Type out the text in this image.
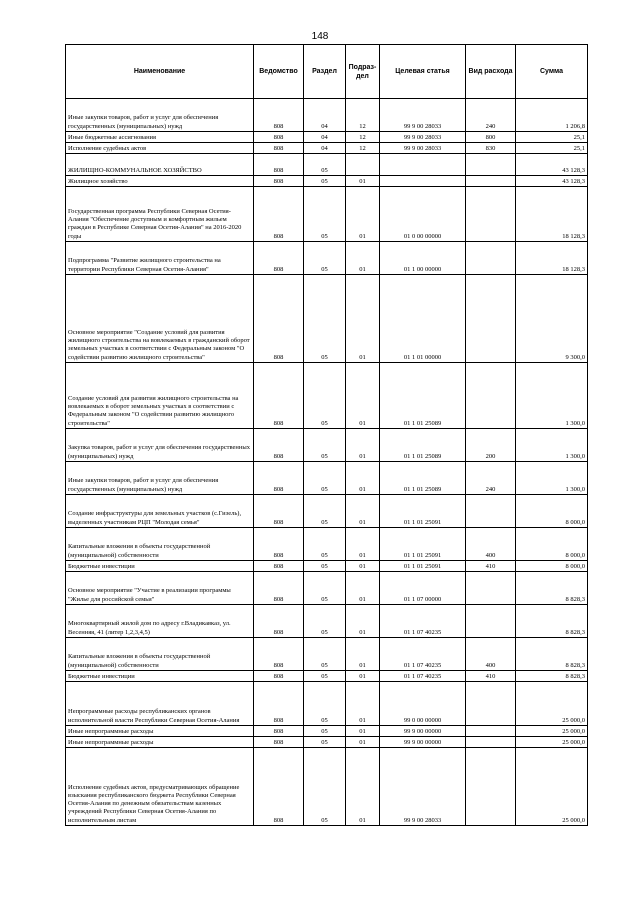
148
Наименование	Ведомство	Раздел	Подраз-дел	Целевая статья	Вид расхода	Сумма
Иные закупки товаров, работ и услуг для обеспечения государственных (муниципальных) нужд	808	04	12	99 9 00 28033	240	1 206,8
Иные бюджетные ассигнования	808	04	12	99 9 00 28033	800	25,1
Исполнение судебных актов	808	04	12	99 9 00 28033	830	25,1
ЖИЛИЩНО-КОММУНАЛЬНОЕ ХОЗЯЙСТВО	808	05				43 128,3
Жилищное хозяйство	808	05	01			43 128,3
Государственная программа Республики Северная Осетия-Алания "Обеспечение доступным и комфортным жильем граждан в Республике Северная Осетия-Алания" на 2016-2020 годы	808	05	01	01 0 00 00000		18 128,3
Подпрограмма "Развитие жилищного строительства на территории Республики Северная Осетия-Алания"	808	05	01	01 1 00 00000		18 128,3
Основное мероприятие "Создание условий для развития жилищного строительства на вовлекаемых в гражданский оборот земельных участках в соответствии с Федеральным законом "О содействии развитию жилищного строительства"	808	05	01	01 1 01 00000		9 300,0
Создание условий для развития жилищного строительства на вовлекаемых в оборот земельных участках в соответствии с Федеральным законом "О содействии развитию жилищного строительства"	808	05	01	01 1 01 25089		1 300,0
Закупка товаров, работ и услуг для обеспечения государственных (муниципальных) нужд	808	05	01	01 1 01 25089	200	1 300,0
Иные закупки товаров, работ и услуг для обеспечения государственных (муниципальных) нужд	808	05	01	01 1 01 25089	240	1 300,0
Создание инфраструктуры для земельных участков (с.Гизель), выделенных участникам РЦП "Молодая семья"	808	05	01	01 1 01 25091		8 000,0
Капитальные вложения в объекты государственной (муниципальной) собственности	808	05	01	01 1 01 25091	400	8 000,0
Бюджетные инвестиции	808	05	01	01 1 01 25091	410	8 000,0
Основное мероприятие "Участие в реализации программы "Жилье для российской семьи"	808	05	01	01 1 07 00000		8 828,3
Многоквартирный жилой дом по адресу г.Владикавказ, ул. Весенняя, 41 (литер 1,2,3,4,5)	808	05	01	01 1 07 40235		8 828,3
Капитальные вложения в объекты государственной (муниципальной) собственности	808	05	01	01 1 07 40235	400	8 828,3
Бюджетные инвестиции	808	05	01	01 1 07 40235	410	8 828,3
Непрограммные расходы республиканских органов исполнительной власти Республики Северная Осетия-Алания	808	05	01	99 0 00 00000		25 000,0
Иные непрограммные расходы	808	05	01	99 9 00 00000		25 000,0
Иные непрограммные расходы	808	05	01	99 9 00 00000		25 000,0
Исполнение судебных актов, предусматривающих обращение взыскания республиканского бюджета Республики Северная Осетия-Алания по денежным обязательствам казенных учреждений Республики Северная Осетия-Алания по исполнительным листам	808	05	01	99 9 00 28033		25 000,0
